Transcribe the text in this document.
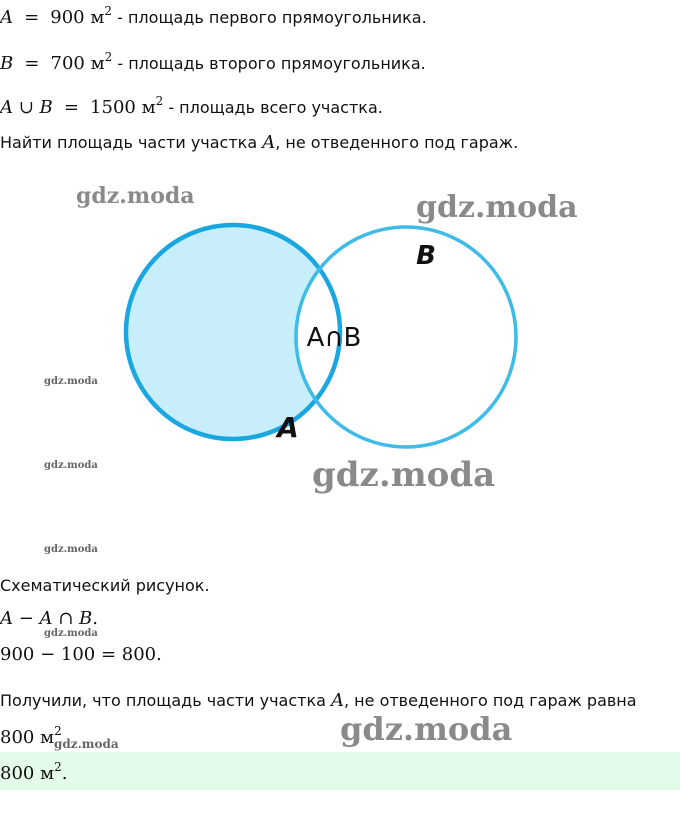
A = 900 $м^2$ - площадь первого прямоугольника.
B = 700 $м^2$ - площадь второго прямоугольника.
A ∪ B = 1500 $м^2$ - площадь всего участка.
Найти площадь части участка A, не отведенного под гараж.
A∩B
A
B
gdz.moda	gdz.moda
gdz.moda
gdz.moda
gdz.moda
gdz.moda
gdz.moda
gdz.moda	gdz.moda
Схематический рисунок.
A − A ∩ B.
900 − 100 = 800.
Получили, что площадь части участка A, не отведенного под гараж равна
800 $м^2$
800 $м^2$.
